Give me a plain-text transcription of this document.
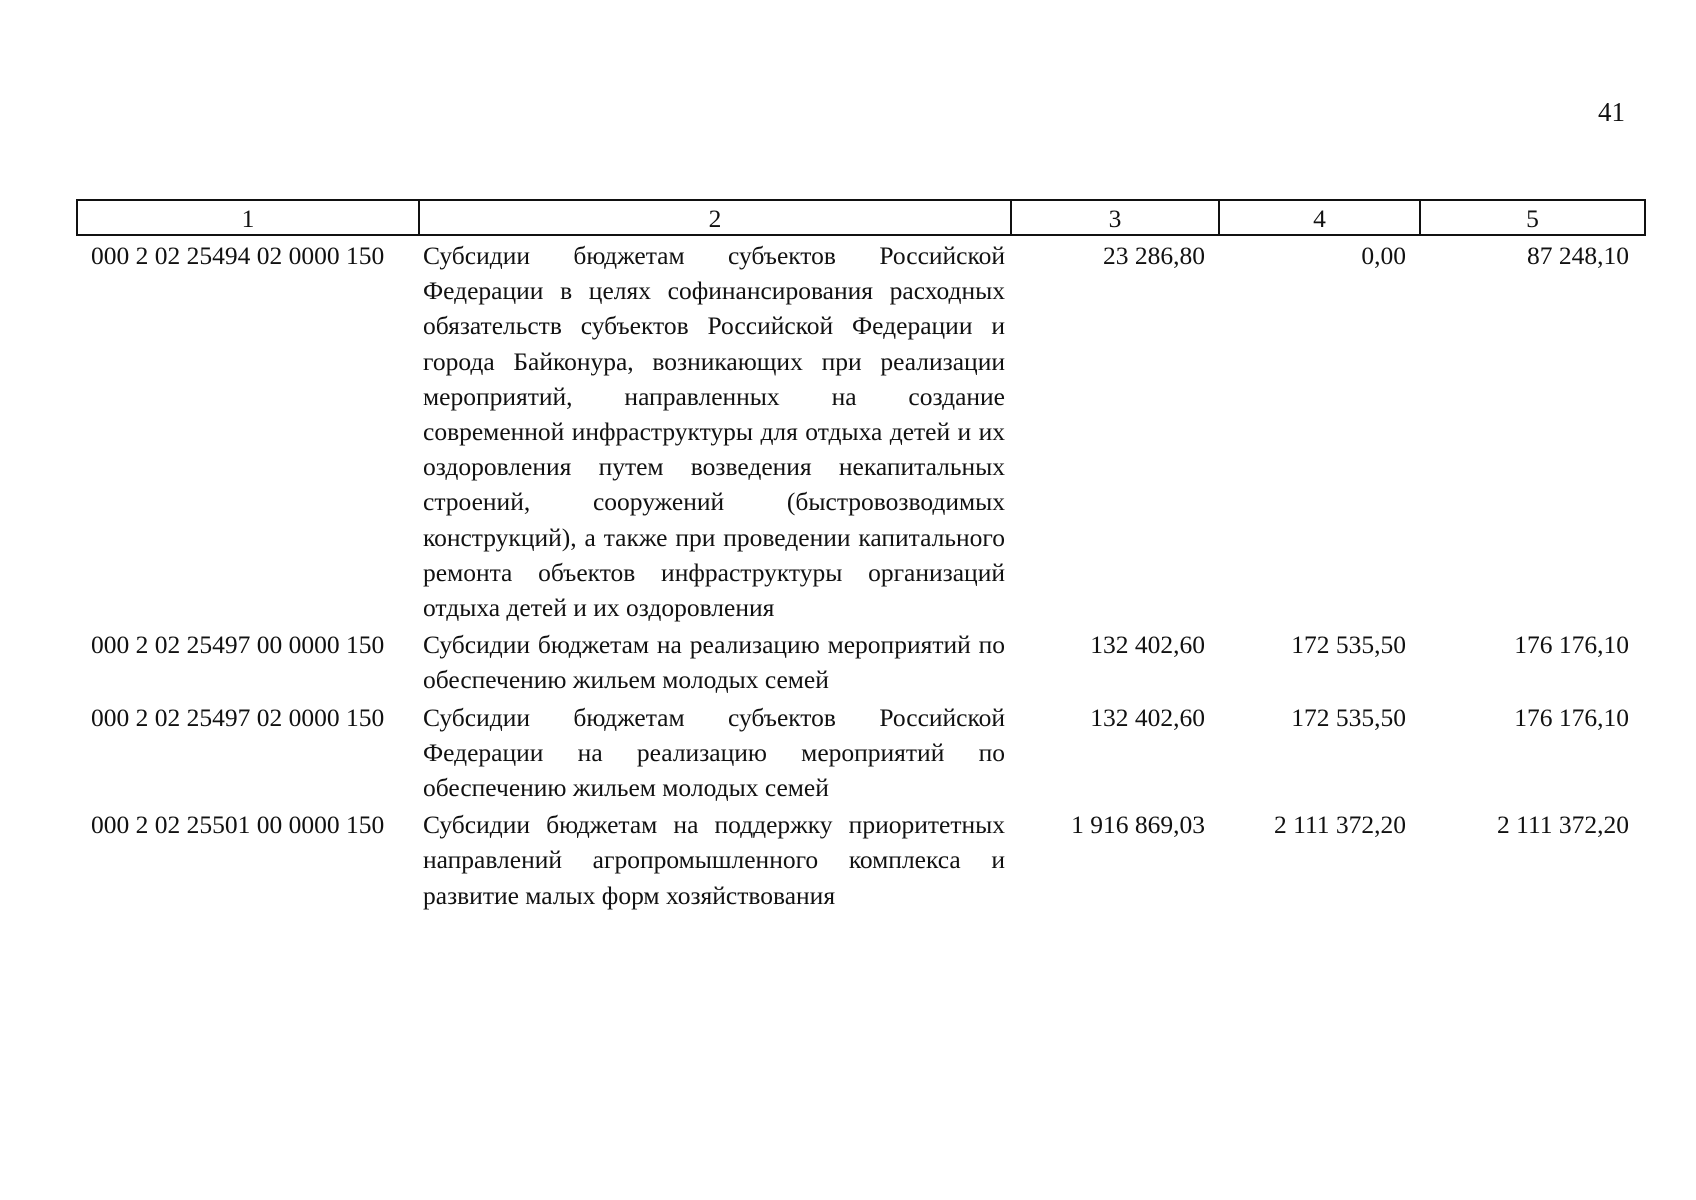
41
1	2	3	4	5
000 2 02 25494 02 0000 150	Субсидии бюджетам субъектов Российской Федерации в целях софинансирования расходных обязательств субъектов Российской Федерации и города Байконура, возникающих при реализации мероприятий, направленных на создание современной инфраструктуры для отдыха детей и их оздоровления путем возведения некапитальных строений, сооружений (быстровозводимых конструкций), а также при проведении капитального ремонта объектов инфраструктуры организаций отдыха детей и их оздоровления	23 286,80	0,00	87 248,10
000 2 02 25497 00 0000 150	Субсидии бюджетам на реализацию мероприятий по обеспечению жильем молодых семей	132 402,60	172 535,50	176 176,10
000 2 02 25497 02 0000 150	Субсидии бюджетам субъектов Российской Федерации на реализацию мероприятий по обеспечению жильем молодых семей	132 402,60	172 535,50	176 176,10
000 2 02 25501 00 0000 150	Субсидии бюджетам на поддержку приоритетных направлений агропромышленного комплекса и развитие малых форм хозяйствования	1 916 869,03	2 111 372,20	2 111 372,20
